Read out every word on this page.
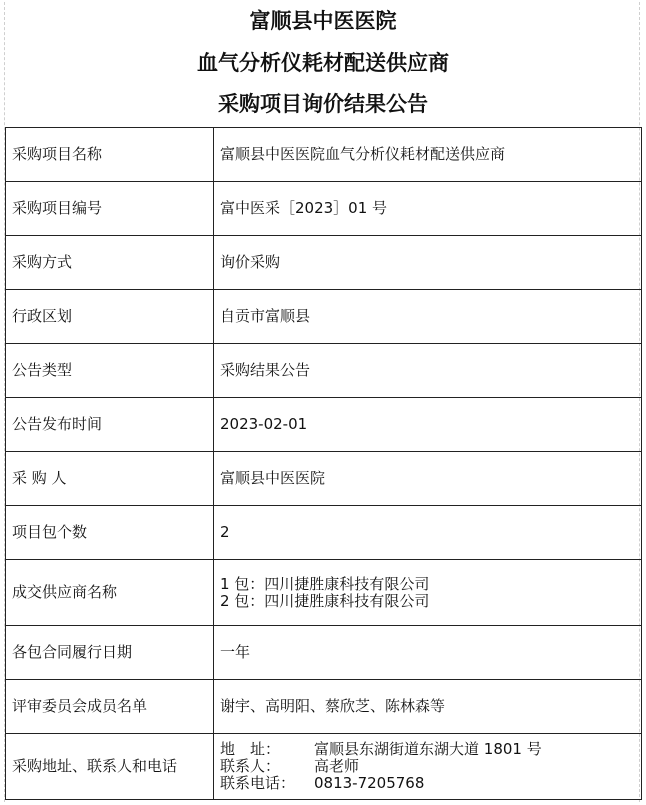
富顺县中医医院
血气分析仪耗材配送供应商
采购项目询价结果公告
采购项目名称	富顺县中医医院血气分析仪耗材配送供应商
采购项目编号	富中医采［2023］01 号
采购方式	询价采购
行政区划	自贡市富顺县
公告类型	采购结果公告
公告发布时间	2023-02-01
采 购 人	富顺县中医医院
项目包个数	2
成交供应商名称	1 包：四川捷胜康科技有限公司
2 包：四川捷胜康科技有限公司

各包合同履行日期	一年
评审委员会成员名单	谢宇、高明阳、蔡欣芝、陈林森等
采购地址、联系人和电话	地　址： 富顺县东湖街道东湖大道 1801 号
联系人： 高老师
联系电话： 0813-7205768
